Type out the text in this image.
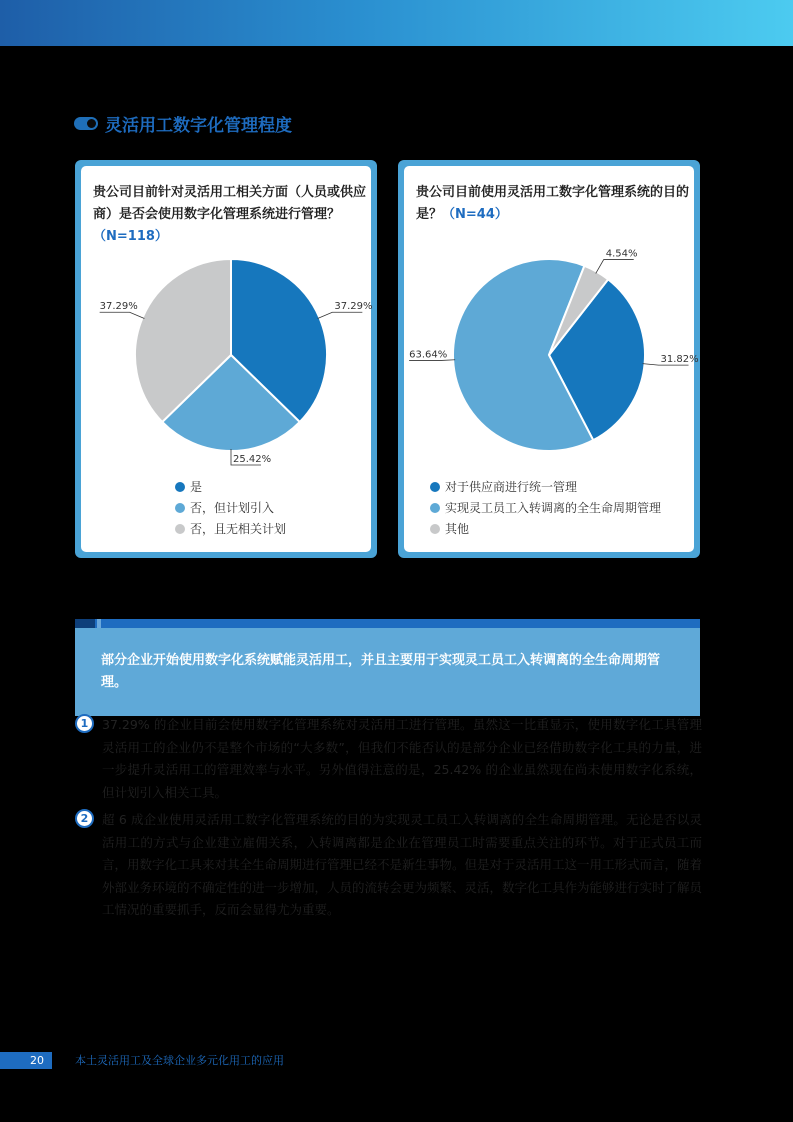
灵活用工数字化管理程度
贵公司目前针对灵活用工相关方面（人员或供应商）是否会使用数字化管理系统进行管理？（N=118）
37.29%
25.42%
37.29%
是
否，但计划引入
否，且无相关计划
贵公司目前使用灵活用工数字化管理系统的目的是？（N=44）
31.82%
63.64%
4.54%
对于供应商进行统一管理
实现灵工员工入转调离的全生命周期管理
其他
部分企业开始使用数字化系统赋能灵活用工，并且主要用于实现灵工员工入转调离的全生命周期管理。
1	37.29% 的企业目前会使用数字化管理系统对灵活用工进行管理。虽然这一比重显示，使用数字化工具管理灵活用工的企业仍不是整个市场的“大多数”，但我们不能否认的是部分企业已经借助数字化工具的力量，进一步提升灵活用工的管理效率与水平。另外值得注意的是，25.42% 的企业虽然现在尚未使用数字化系统，但计划引入相关工具。
2	超 6 成企业使用灵活用工数字化管理系统的目的为实现灵工员工入转调离的全生命周期管理。无论是否以灵活用工的方式与企业建立雇佣关系，入转调离都是企业在管理员工时需要重点关注的环节。对于正式员工而言，用数字化工具来对其全生命周期进行管理已经不是新生事物。但是对于灵活用工这一用工形式而言，随着外部业务环境的不确定性的进一步增加，人员的流转会更为频繁、灵活，数字化工具作为能够进行实时了解员工情况的重要抓手，反而会显得尤为重要。
20	本土灵活用工及全球企业多元化用工的应用
